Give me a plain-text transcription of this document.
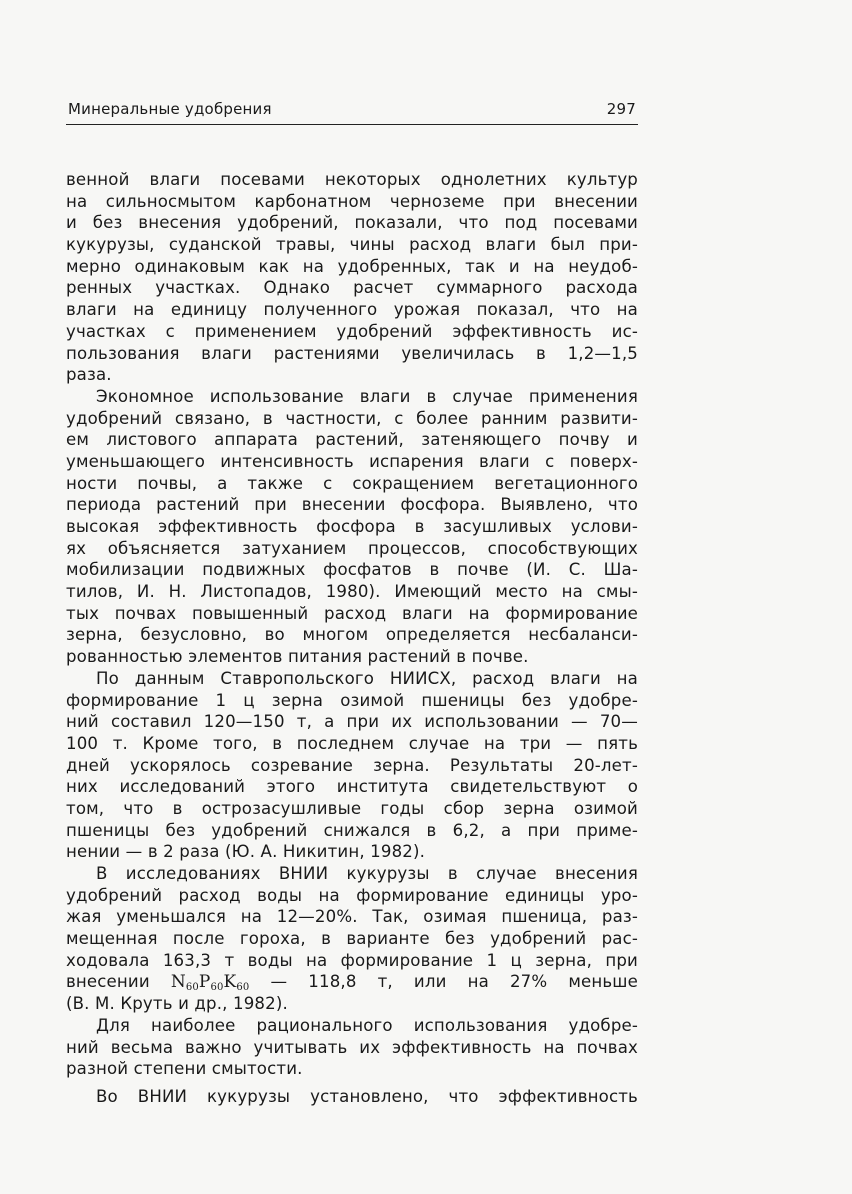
Минеральные удобрения	297
венной влаги посевами некоторых однолетних культур
на сильносмытом карбонатном черноземе при внесении
и без внесения удобрений, показали, что под посевами
кукурузы, суданской травы, чины расход влаги был при-
мерно одинаковым как на удобренных, так и на неудоб-
ренных участках. Однако расчет суммарного расхода
влаги на единицу полученного урожая показал, что на
участках с применением удобрений эффективность ис-
пользования влаги растениями увеличилась в 1,2—1,5
раза.
Экономное использование влаги в случае применения
удобрений связано, в частности, с более ранним развити-
ем листового аппарата растений, затеняющего почву и
уменьшающего интенсивность испарения влаги с поверх-
ности почвы, а также с сокращением вегетационного
периода растений при внесении фосфора. Выявлено, что
высокая эффективность фосфора в засушливых услови-
ях объясняется затуханием процессов, способствующих
мобилизации подвижных фосфатов в почве (И. С. Ша-
тилов, И. Н. Листопадов, 1980). Имеющий место на смы-
тых почвах повышенный расход влаги на формирование
зерна, безусловно, во многом определяется несбаланси-
рованностью элементов питания растений в почве.
По данным Ставропольского НИИСХ, расход влаги на
формирование 1 ц зерна озимой пшеницы без удобре-
ний составил 120—150 т, а при их использовании — 70—
100 т. Кроме того, в последнем случае на три — пять
дней ускорялось созревание зерна. Результаты 20-лет-
них исследований этого института свидетельствуют о
том, что в острозасушливые годы сбор зерна озимой
пшеницы без удобрений снижался в 6,2, а при приме-
нении — в 2 раза (Ю. А. Никитин, 1982).
В исследованиях ВНИИ кукурузы в случае внесения
удобрений расход воды на формирование единицы уро-
жая уменьшался на 12—20%. Так, озимая пшеница, раз-
мещенная после гороха, в варианте без удобрений рас-
ходовала 163,3 т воды на формирование 1 ц зерна, при
внесении $N_{60}P_{60}K_{60}$ — 118,8 т, или на 27% меньше
(В. М. Круть и др., 1982).
Для наиболее рационального использования удобре-
ний весьма важно учитывать их эффективность на почвах
разной степени смытости.
Во ВНИИ кукурузы установлено, что эффективность
